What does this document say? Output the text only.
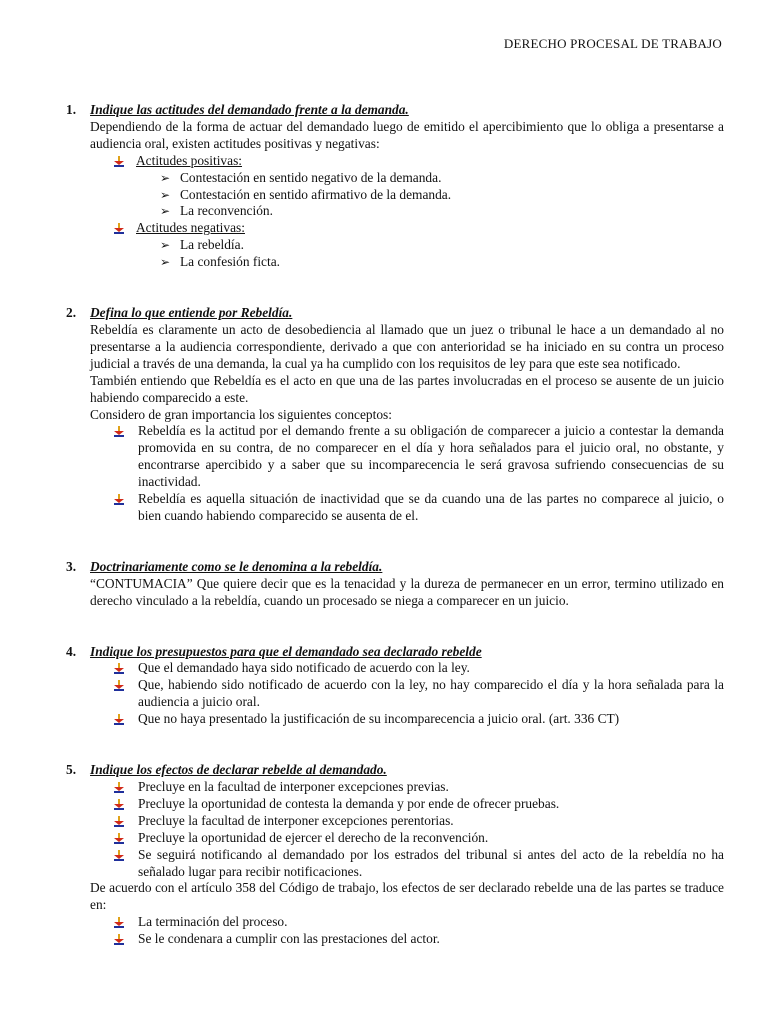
DERECHO PROCESAL DE TRABAJO
1. Indique las actitudes del demandado frente a la demanda.
Dependiendo de la forma de actuar del demandado luego de emitido el apercibimiento que lo obliga a presentarse a audiencia oral, existen actitudes positivas y negativas:
Actitudes positivas:
➢ Contestación en sentido negativo de la demanda.
➢ Contestación en sentido afirmativo de la demanda.
➢ La reconvención.
Actitudes negativas:
➢ La rebeldía.
➢ La confesión ficta.
2. Defina lo que entiende por Rebeldía.

Rebeldía es claramente un acto de desobediencia al llamado que un juez o tribunal le hace a un demandado al no presentarse a la audiencia correspondiente, derivado a que con anterioridad se ha iniciado en su contra un proceso judicial a través de una demanda, la cual ya ha cumplido con los requisitos de ley para que este sea notificado.

También entiendo que Rebeldía es el acto en que una de las partes involucradas en el proceso se ausente de un juicio habiendo comparecido a este.

Considero de gran importancia los siguientes conceptos:

Rebeldía es la actitud por el demando frente a su obligación de comparecer a juicio a contestar la demanda promovida en su contra, de no comparecer en el día y hora señalados para el juicio oral, no obstante, y encontrarse apercibido y a saber que su incomparecencia le será gravosa sufriendo consecuencias de su inactividad.
Rebeldía es aquella situación de inactividad que se da cuando una de las partes no comparece al juicio, o bien cuando habiendo comparecido se ausenta de el.
3. Doctrinariamente como se le denomina a la rebeldía.
“CONTUMACIA” Que quiere decir que es la tenacidad y la dureza de permanecer en un error, termino utilizado en derecho vinculado a la rebeldía, cuando un procesado se niega a comparecer en un juicio.
4. Indique los presupuestos para que el demandado sea declarado rebelde
Que el demandado haya sido notificado de acuerdo con la ley.
Que, habiendo sido notificado de acuerdo con la ley, no hay comparecido el día y la hora señalada para la audiencia a juicio oral.
Que no haya presentado la justificación de su incomparecencia a juicio oral. (art. 336 CT)
5. Indique los efectos de declarar rebelde al demandado.
Precluye en la facultad de interponer excepciones previas.
Precluye la oportunidad de contesta la demanda y por ende de ofrecer pruebas.
Precluye la facultad de interponer excepciones perentorias.
Precluye la oportunidad de ejercer el derecho de la reconvención.
Se seguirá notificando al demandado por los estrados del tribunal si antes del acto de la rebeldía no ha señalado lugar para recibir notificaciones.
De acuerdo con el artículo 358 del Código de trabajo, los efectos de ser declarado rebelde una de las partes se traduce en:
La terminación del proceso.
Se le condenara a cumplir con las prestaciones del actor.
